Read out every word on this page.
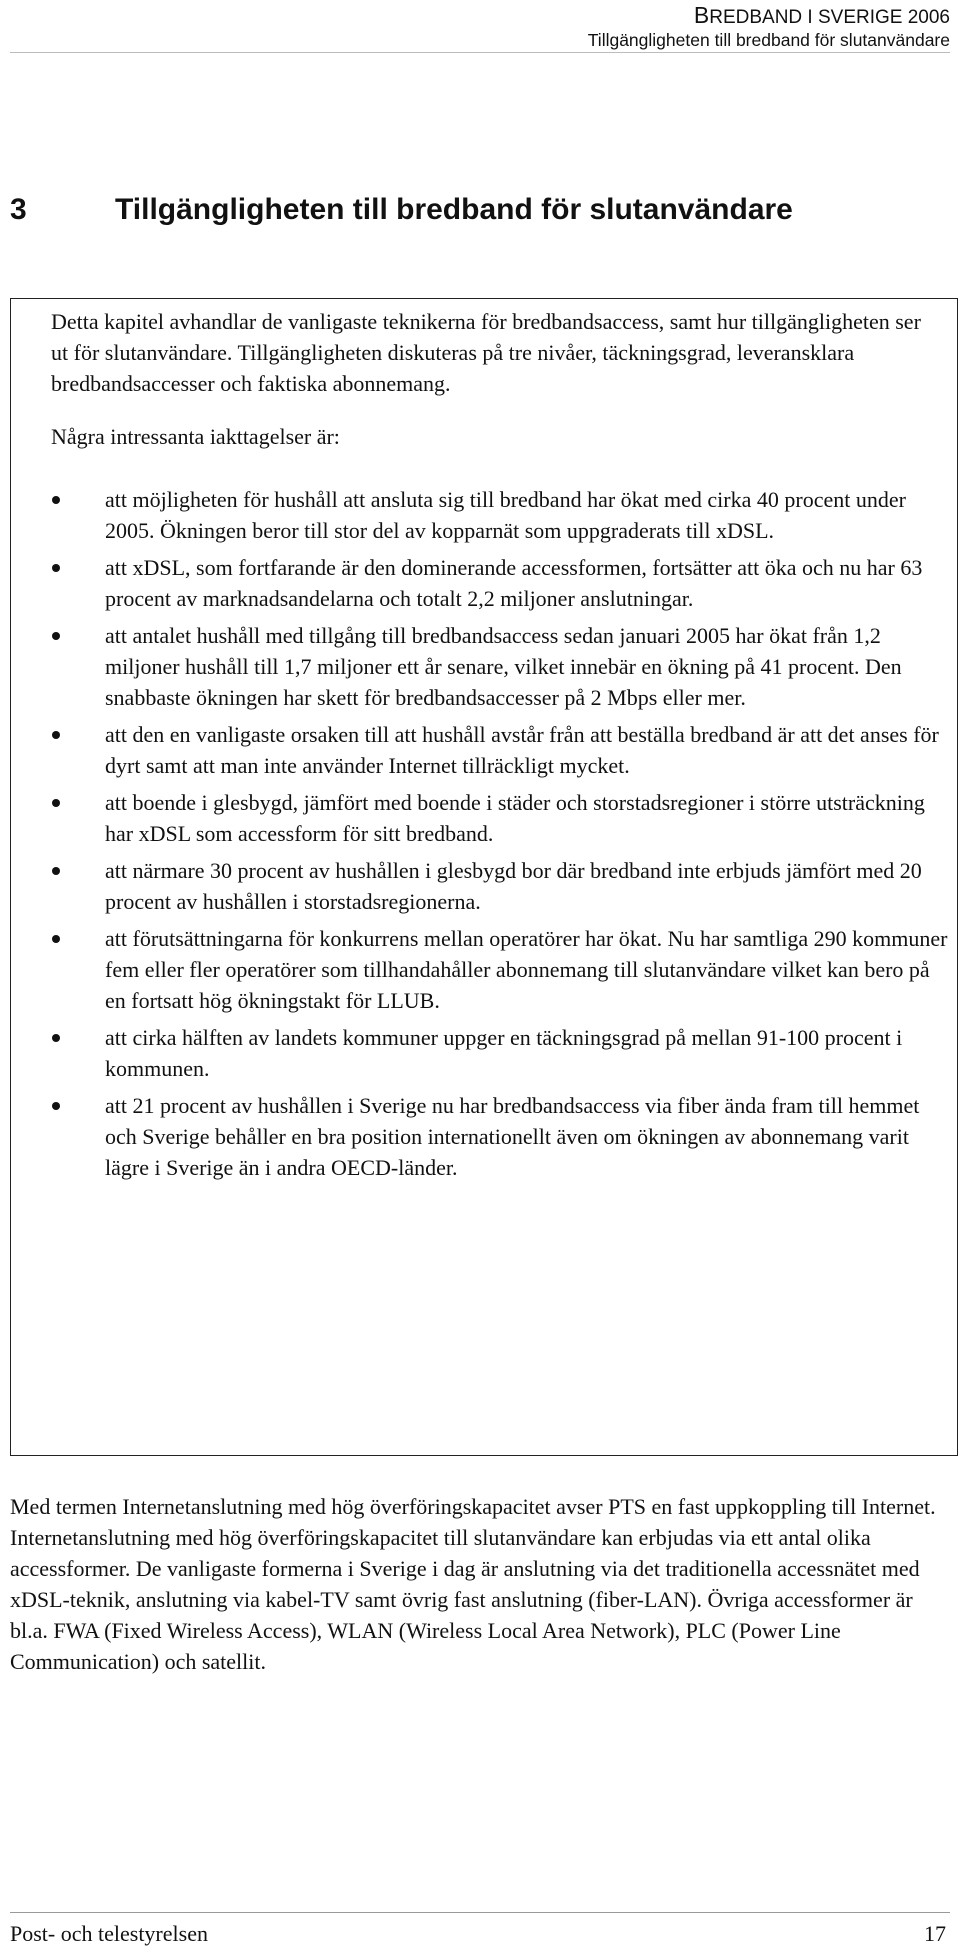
BREDBAND I SVERIGE 2006
Tillgängligheten till bredband för slutanvändare
3	Tillgängligheten till bredband för slutanvändare

Detta kapitel avhandlar de vanligaste teknikerna för bredbandsaccess, samt hur tillgängligheten ser ut för slutanvändare. Tillgängligheten diskuteras på tre nivåer, täckningsgrad, leveransklara bredbandsaccesser och faktiska abonnemang.

Några intressanta iakttagelser är:

att möjligheten för hushåll att ansluta sig till bredband har ökat med cirka 40 procent under 2005. Ökningen beror till stor del av kopparnät som uppgraderats till xDSL.
att xDSL, som fortfarande är den dominerande accessformen, fortsätter att öka och nu har 63 procent av marknadsandelarna och totalt 2,2 miljoner anslutningar.
att antalet hushåll med tillgång till bredbandsaccess sedan januari 2005 har ökat från 1,2 miljoner hushåll till 1,7 miljoner ett år senare, vilket innebär en ökning på 41 procent. Den snabbaste ökningen har skett för bredbandsaccesser på 2 Mbps eller mer.
att den en vanligaste orsaken till att hushåll avstår från att beställa bredband är att det anses för dyrt samt att man inte använder Internet tillräckligt mycket.
att boende i glesbygd, jämfört med boende i städer och storstadsregioner i större utsträckning har xDSL som accessform för sitt bredband.
att närmare 30 procent av hushållen i glesbygd bor där bredband inte erbjuds jämfört med 20 procent av hushållen i storstadsregionerna.
att förutsättningarna för konkurrens mellan operatörer har ökat. Nu har samtliga 290 kommuner fem eller fler operatörer som tillhandahåller abonnemang till slutanvändare vilket kan bero på en fortsatt hög ökningstakt för LLUB.
att cirka hälften av landets kommuner uppger en täckningsgrad på mellan 91-100 procent i kommunen.
att 21 procent av hushållen i Sverige nu har bredbandsaccess via fiber ända fram till hemmet och Sverige behåller en bra position internationellt även om ökningen av abonnemang varit lägre i Sverige än i andra OECD-länder.

Med termen Internetanslutning med hög överföringskapacitet avser PTS en fast uppkoppling till Internet. Internetanslutning med hög överföringskapacitet till slutanvändare kan erbjudas via ett antal olika accessformer. De vanligaste formerna i Sverige i dag är anslutning via det traditionella accessnätet med xDSL-teknik, anslutning via kabel-TV samt övrig fast anslutning (fiber-LAN). Övriga accessformer är bl.a. FWA (Fixed Wireless Access), WLAN (Wireless Local Area Network), PLC (Power Line Communication) och satellit.

Post- och telestyrelsen	17
